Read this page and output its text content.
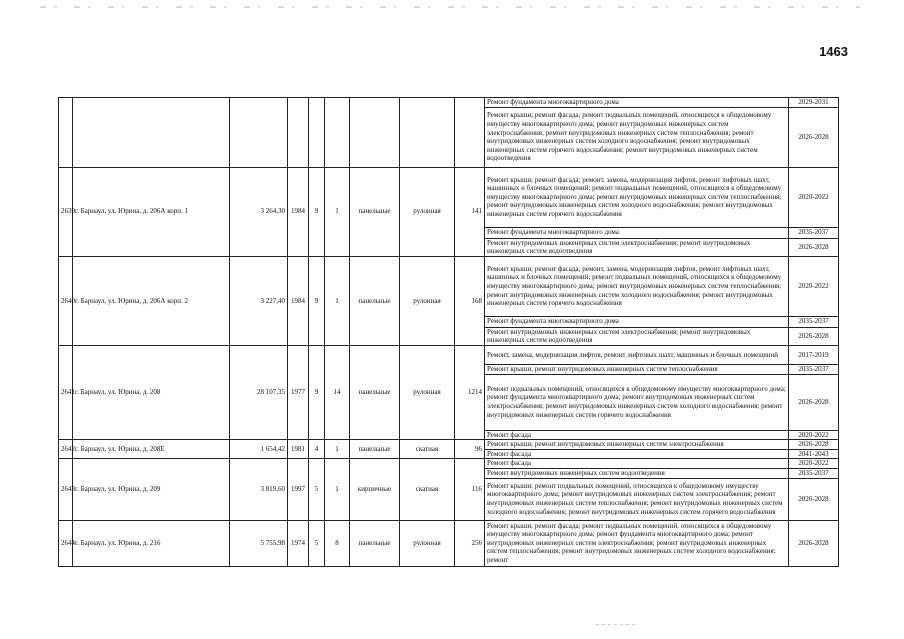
1463
									Ремонт фундамента многоквартирного дома	2029-2031
									Ремонт крыши; ремонт фасада; ремонт подвальных помещений, относящихся к общедомовому имуществу многоквартирного дома; ремонт внутридомовых инженерных систем электроснабжения; ремонт внутридомовых инженерных систем теплоснабжения; ремонт внутридомовых инженерных систем холодного водоснабжения; ремонт внутридомовых инженерных систем горячего водоснабжения; ремонт внутридомовых инженерных систем водоотведения	2026-2028
2639	г. Барнаул, ул. Юрина, д. 206А корп. 1	3 264,30	1984	9	1	панельные	рулонная	141	Ремонт крыши; ремонт фасада; ремонт, замена, модернизация лифтов, ремонт лифтовых шахт, машинных и блочных помещений; ремонт подвальных помещений, относящихся к общедомовому имуществу многоквартирного дома; ремонт внутридомовых инженерных систем теплоснабжения; ремонт внутридомовых инженерных систем холодного водоснабжения; ремонт внутридомовых инженерных систем горячего водоснабжения	2020-2022
									Ремонт фундамента многоквартирного дома	2035-2037
									Ремонт внутридомовых инженерных систем электроснабжения; ремонт внутридомовых инженерных систем водоотведения	2026-2028
2640	г. Барнаул, ул. Юрина, д. 206А корп. 2	3 227,40	1984	9	1	панельные	рулонная	168	Ремонт крыши; ремонт фасада; ремонт, замена, модернизация лифтов, ремонт лифтовых шахт, машинных и блочных помещений; ремонт подвальных помещений, относящихся к общедомовому имуществу многоквартирного дома; ремонт внутридомовых инженерных систем теплоснабжения; ремонт внутридомовых инженерных систем холодного водоснабжения; ремонт внутридомовых инженерных систем горячего водоснабжения	2020-2022
									Ремонт фундамента многоквартирного дома	2035-2037
									Ремонт внутридомовых инженерных систем электроснабжения; ремонт внутридомовых инженерных систем водоотведения	2026-2028
2641	г. Барнаул, ул. Юрина, д. 208	28 107,35	1977	9	14	панельные	рулонная	1214	Ремонт, замена, модернизация лифтов, ремонт лифтовых шахт, машинных и блочных помещений	2017-2019
									Ремонт крыши; ремонт внутридомовых инженерных систем теплоснабжения	2035-2037
									Ремонт подвальных помещений, относящихся к общедомовому имуществу многоквартирного дома; ремонт фундамента многоквартирного дома; ремонт внутридомовых инженерных систем электроснабжения; ремонт внутридомовых инженерных систем холодного водоснабжения; ремонт внутридомовых инженерных систем горячего водоснабжения	2026-2028
									Ремонт фасада	2020-2022
2642	г. Барнаул, ул. Юрина, д. 208Е	1 654,42	1981	4	1	панельные	скатная	96	Ремонт крыши; ремонт внутридомовых инженерных систем электроснабжения	2026-2028
									Ремонт фасада	2041-2043
2643	г. Барнаул, ул. Юрина, д. 209	3 819,60	1997	5	1	кирпичные	скатная	116	Ремонт фасада	2020-2022
									Ремонт внутридомовых инженерных систем водоотведения	2035-2037
									Ремонт крыши; ремонт подвальных помещений, относящихся к общедомовому имуществу многоквартирного дома; ремонт внутридомовых инженерных систем электроснабжения; ремонт внутридомовых инженерных систем теплоснабжения; ремонт внутридомовых инженерных систем холодного водоснабжения; ремонт внутридомовых инженерных систем горячего водоснабжения	2026-2028
2644	г. Барнаул, ул. Юрина, д. 216	5 755,98	1974	5	8	панельные	рулонная	256	Ремонт крыши; ремонт фасада; ремонт подвальных помещений, относящихся к общедомовому имуществу многоквартирного дома; ремонт фундамента многоквартирного дома; ремонт внутридомовых инженерных систем электроснабжения; ремонт внутридомовых инженерных систем теплоснабжения; ремонт внутридомовых инженерных систем холодного водоснабжения; ремонт	2026-2028
